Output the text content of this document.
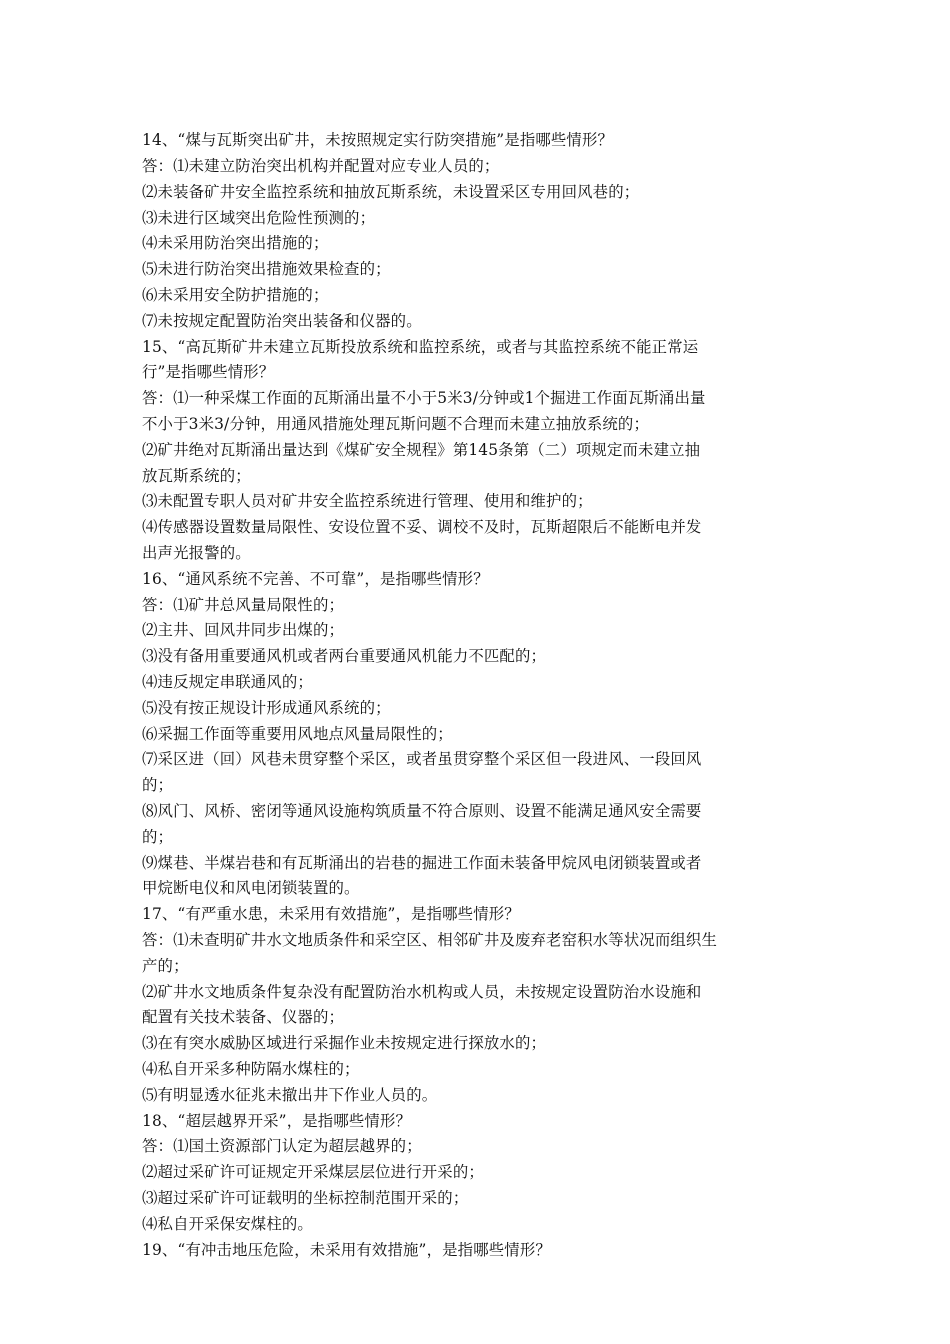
14、“煤与瓦斯突出矿井，未按照规定实行防突措施”是指哪些情形？
答：⑴未建立防治突出机构并配置对应专业人员的；
⑵未装备矿井安全监控系统和抽放瓦斯系统，未设置采区专用回风巷的；
⑶未进行区域突出危险性预测的；
⑷未采用防治突出措施的；
⑸未进行防治突出措施效果检查的；
⑹未采用安全防护措施的；
⑺未按规定配置防治突出装备和仪器的。
15、“高瓦斯矿井未建立瓦斯投放系统和监控系统，或者与其监控系统不能正常运
行”是指哪些情形？
答：⑴一种采煤工作面的瓦斯涌出量不小于5米3/分钟或1个掘进工作面瓦斯涌出量
不小于3米3/分钟，用通风措施处理瓦斯问题不合理而未建立抽放系统的；
⑵矿井绝对瓦斯涌出量达到《煤矿安全规程》第145条第（二）项规定而未建立抽
放瓦斯系统的；
⑶未配置专职人员对矿井安全监控系统进行管理、使用和维护的；
⑷传感器设置数量局限性、安设位置不妥、调校不及时，瓦斯超限后不能断电并发
出声光报警的。
16、“通风系统不完善、不可靠”，是指哪些情形？
答：⑴矿井总风量局限性的；
⑵主井、回风井同步出煤的；
⑶没有备用重要通风机或者两台重要通风机能力不匹配的；
⑷违反规定串联通风的；
⑸没有按正规设计形成通风系统的；
⑹采掘工作面等重要用风地点风量局限性的；
⑺采区进（回）风巷未贯穿整个采区，或者虽贯穿整个采区但一段进风、一段回风
的；
⑻风门、风桥、密闭等通风设施构筑质量不符合原则、设置不能满足通风安全需要
的；
⑼煤巷、半煤岩巷和有瓦斯涌出的岩巷的掘进工作面未装备甲烷风电闭锁装置或者
甲烷断电仪和风电闭锁装置的。
17、“有严重水患，未采用有效措施”，是指哪些情形？
答：⑴未查明矿井水文地质条件和采空区、相邻矿井及废弃老窑积水等状况而组织生
产的；
⑵矿井水文地质条件复杂没有配置防治水机构或人员，未按规定设置防治水设施和
配置有关技术装备、仪器的；
⑶在有突水威胁区域进行采掘作业未按规定进行探放水的；
⑷私自开采多种防隔水煤柱的；
⑸有明显透水征兆未撤出井下作业人员的。
18、“超层越界开采”，是指哪些情形？
答：⑴国土资源部门认定为超层越界的；
⑵超过采矿许可证规定开采煤层层位进行开采的；
⑶超过采矿许可证载明的坐标控制范围开采的；
⑷私自开采保安煤柱的。
19、“有冲击地压危险，未采用有效措施”，是指哪些情形？
